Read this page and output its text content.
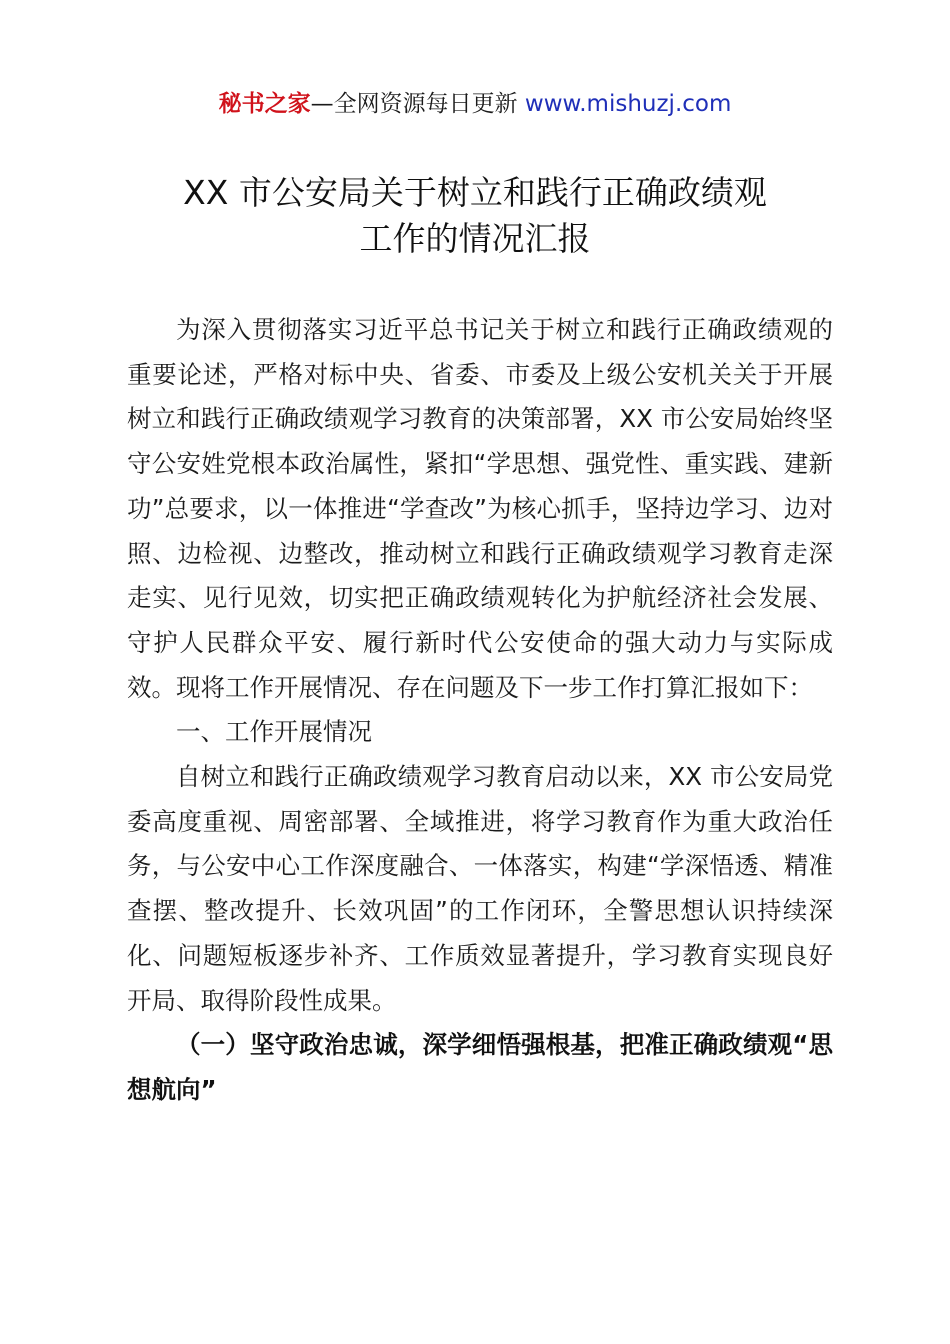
秘书之家—全网资源每日更新 www.mishuzj.com
XX 市公安局关于树立和践行正确政绩观
工作的情况汇报

为深入贯彻落实习近平总书记关于树立和践行正确政绩观的重要论述，严格对标中央、省委、市委及上级公安机关关于开展树立和践行正确政绩观学习教育的决策部署，XX 市公安局始终坚守公安姓党根本政治属性，紧扣“学思想、强党性、重实践、建新功”总要求，以一体推进“学查改”为核心抓手，坚持边学习、边对照、边检视、边整改，推动树立和践行正确政绩观学习教育走深走实、见行见效，切实把正确政绩观转化为护航经济社会发展、守护人民群众平安、履行新时代公安使命的强大动力与实际成效。现将工作开展情况、存在问题及下一步工作打算汇报如下：

一、工作开展情况

自树立和践行正确政绩观学习教育启动以来，XX 市公安局党委高度重视、周密部署、全域推进，将学习教育作为重大政治任务，与公安中心工作深度融合、一体落实，构建“学深悟透、精准查摆、整改提升、长效巩固”的工作闭环，全警思想认识持续深化、问题短板逐步补齐、工作质效显著提升，学习教育实现良好开局、取得阶段性成果。

（一）坚守政治忠诚，深学细悟强根基，把准正确政绩观“思想航向”
